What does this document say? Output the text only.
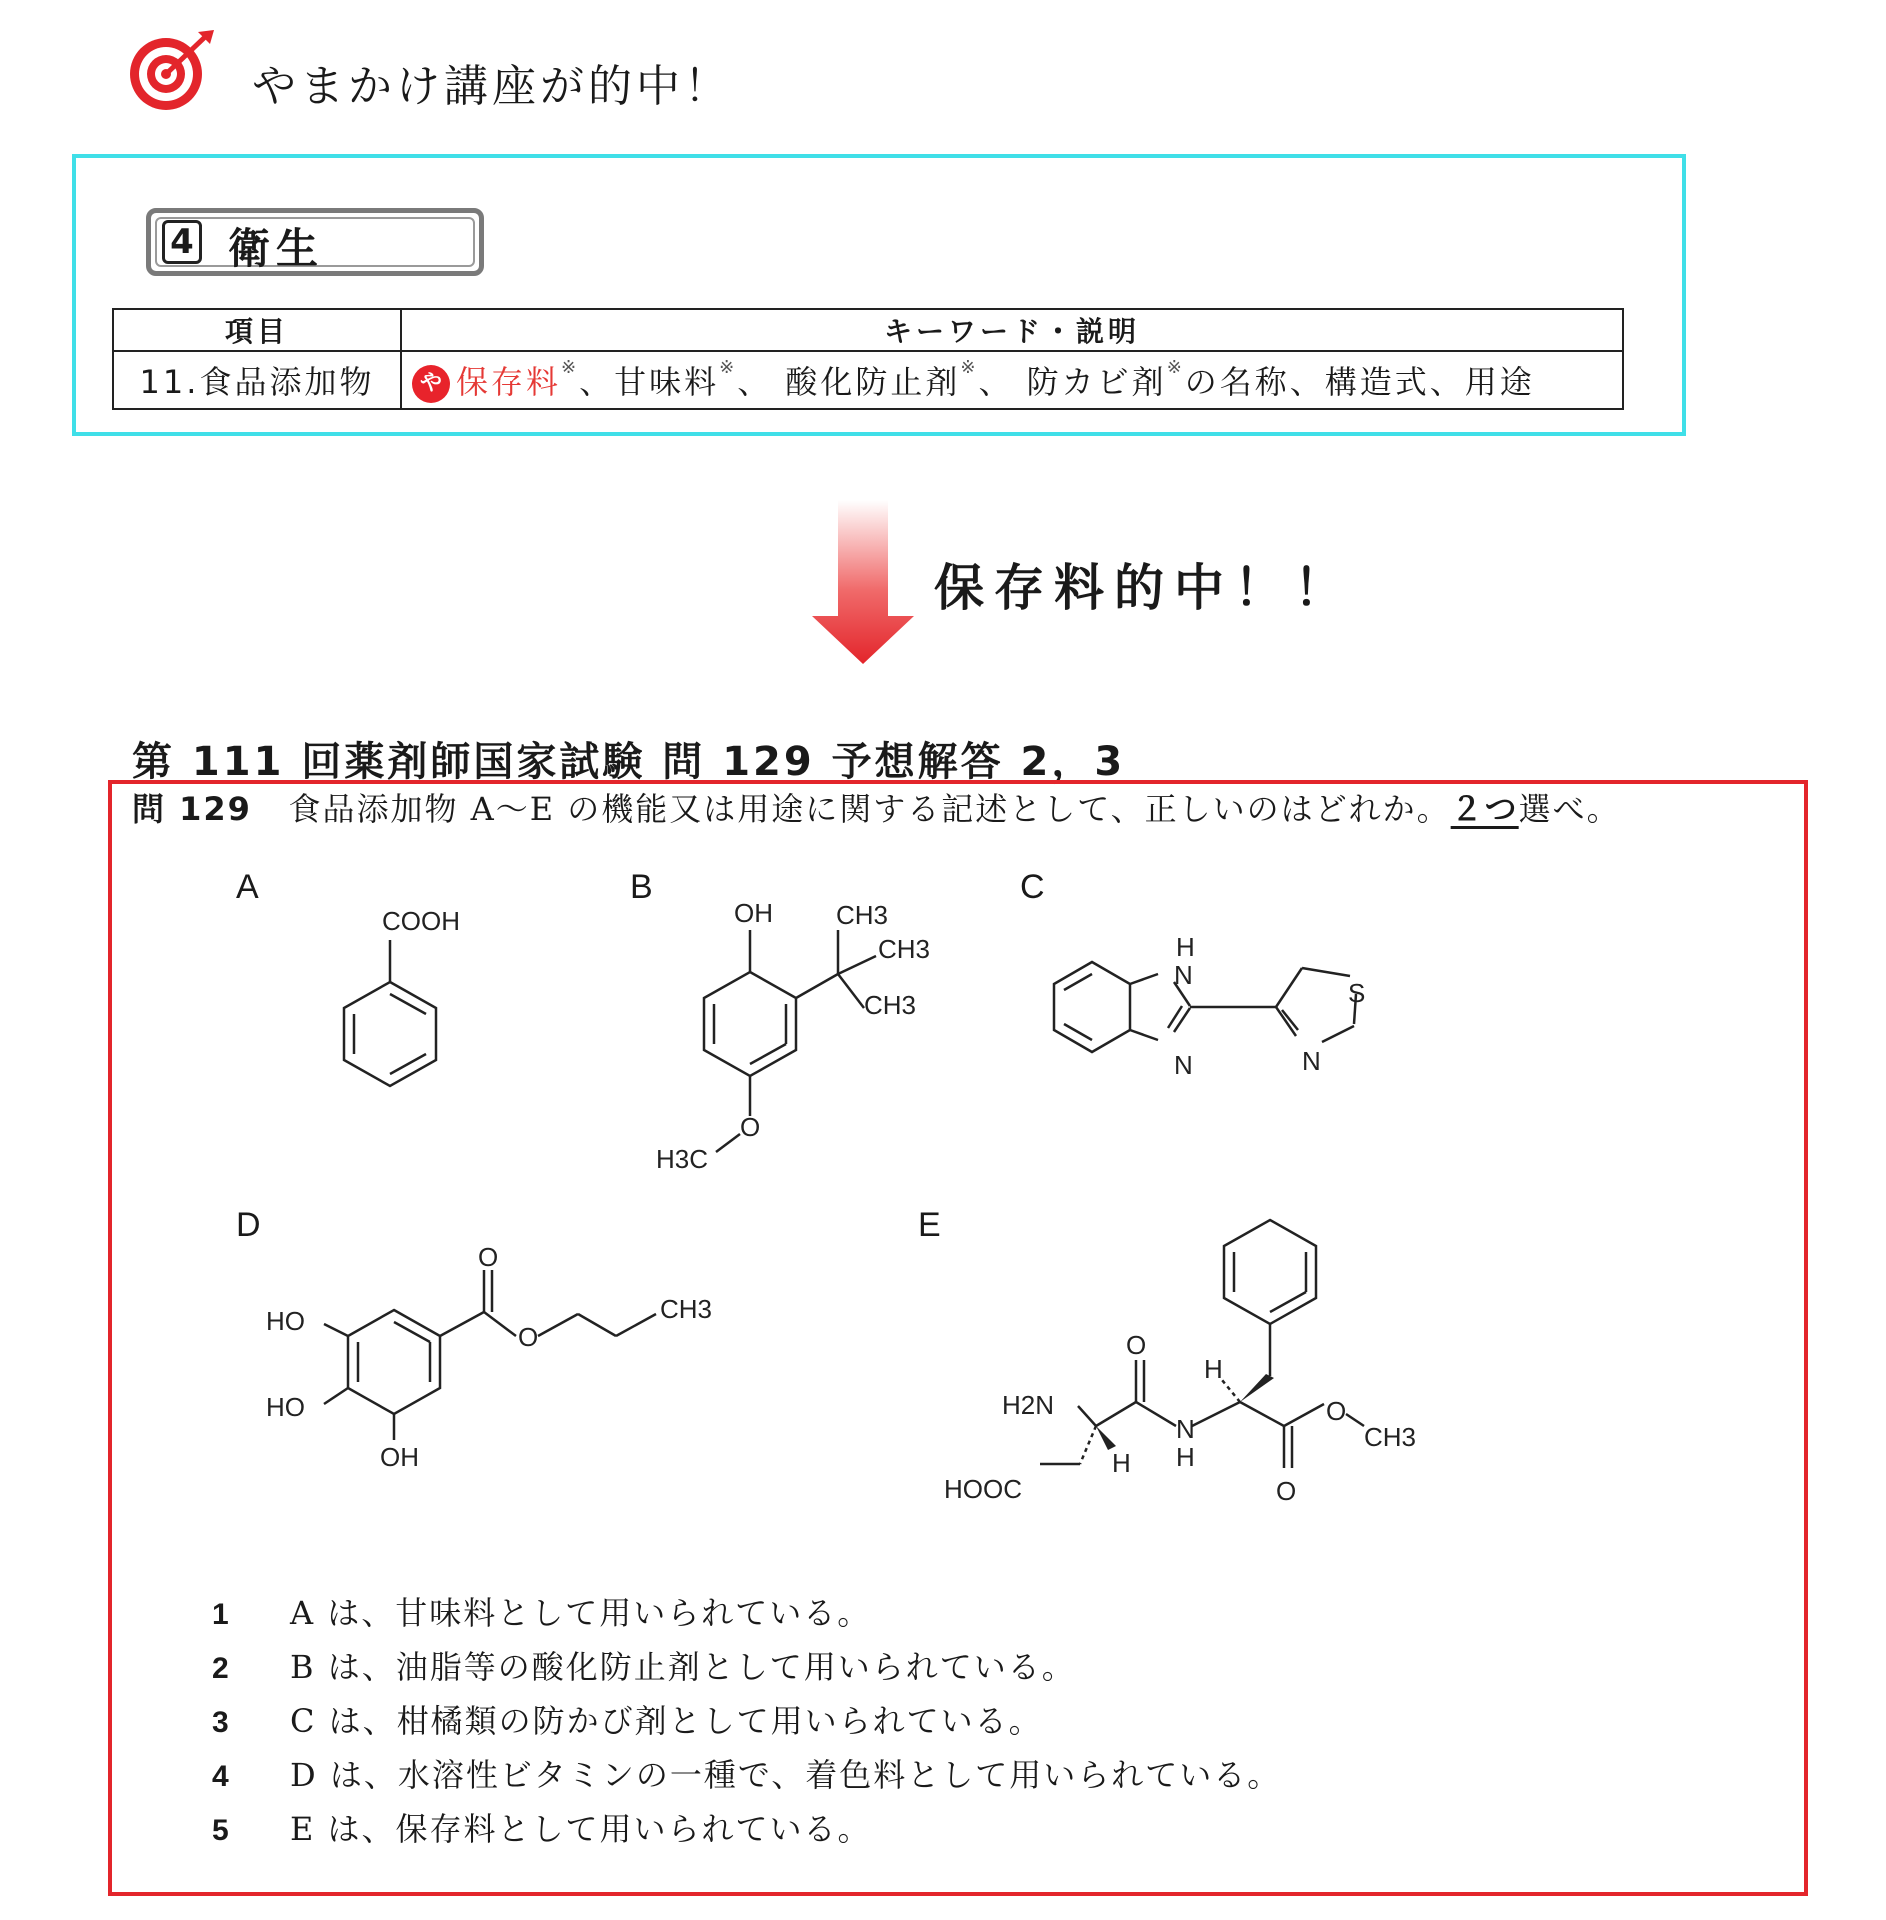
やまかけ講座が的中！
4 衛生
項目	キーワード・説明
11.食品添加物	や 保存料※、甘味料※、 酸化防止剤※、 防カビ剤※の名称、構造式、用途
保存料的中！！
第 111 回薬剤師国家試験 問 129 予想解答 2，3
問 129 食品添加物 A～E の機能又は用途に関する記述として、正しいのはどれか。２つ選べ。
A
COOH
B
OH CH3
CH3
CH3
O
H3C
C
H
N
N	N
S
D
O
O
CH3
HO
HO
OH
E
O
H
H2N
N
H
H
O
CH3
O
HOOC
1 A は、甘味料として用いられている。
2 B は、油脂等の酸化防止剤として用いられている。
3 C は、柑橘類の防かび剤として用いられている。
4 D は、水溶性ビタミンの一種で、着色料として用いられている。
5 E は、保存料として用いられている。
